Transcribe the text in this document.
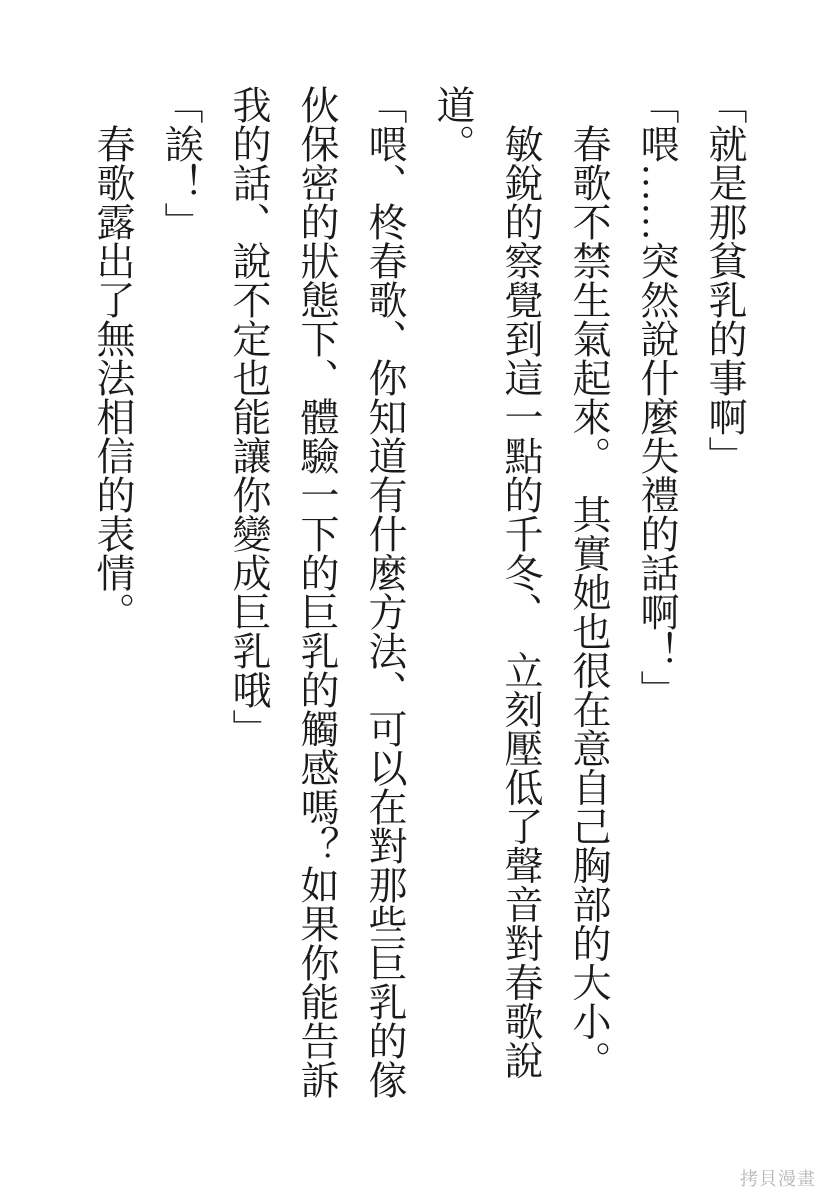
「就是那貧乳的事啊」

「喂……突然說什麼失禮的話啊！」

　春歌不禁生氣起來。　其實她也很在意自己胸部的大小。

　敏銳的察覺到這一點的千冬、　立刻壓低了聲音對春歌說

道。

「喂、柊春歌、你知道有什麼方法、可以在對那些巨乳的傢

伙保密的狀態下、體驗一下的巨乳的觸感嗎？如果你能告訴

我的話、說不定也能讓你變成巨乳哦」

「誒！」

　春歌露出了無法相信的表情。

拷貝漫畫
